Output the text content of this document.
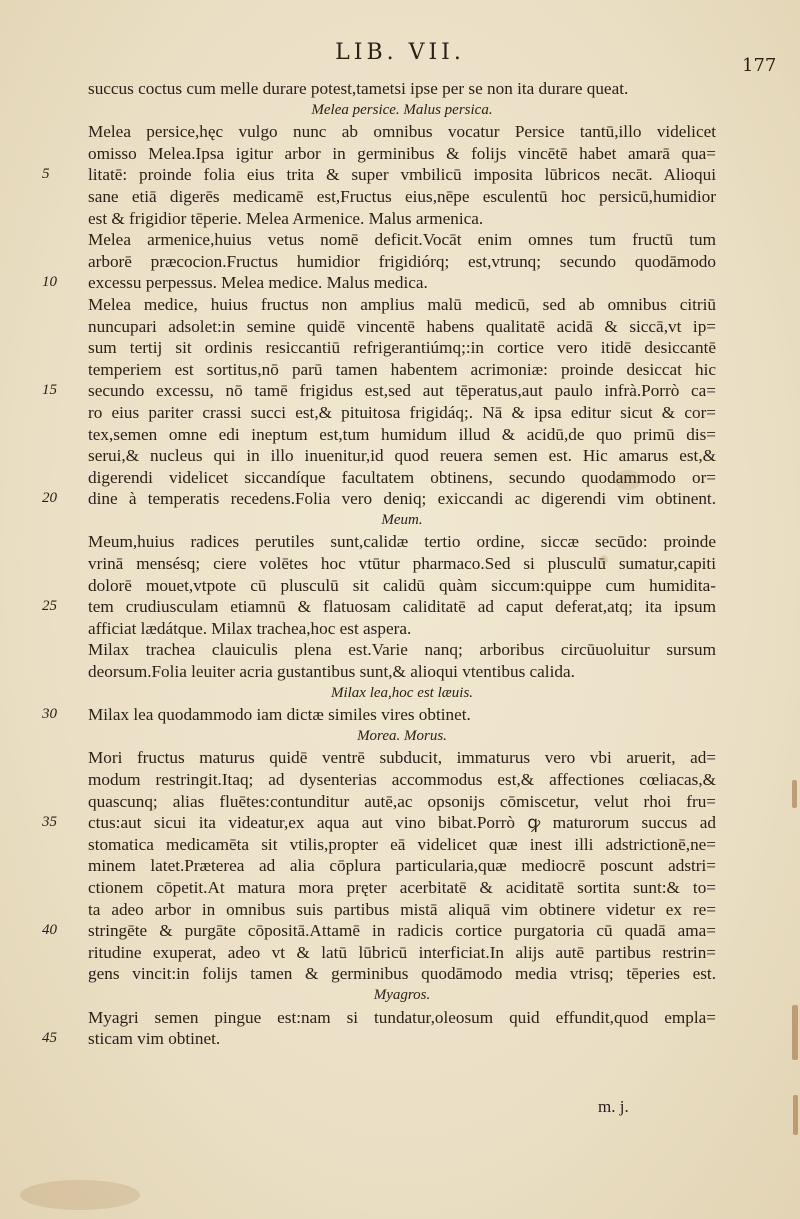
LIB. VII.
177
succus coctus cum melle durare potest,tametsi ipse per se non ita durare queat.
Melea persice. Malus persica.
Melea persice,hęc vulgo nunc ab omnibus vocatur Persice tantū,illo videlicet
omisso Melea.Ipsa igitur arbor in germinibus & folijs vincētē habet amarā qua=
litatē: proinde folia eius trita & super vmbilicū imposita lūbricos necāt. Alioqui
5
sane etiā digerēs medicamē est,Fructus eius,nēpe esculentū hoc persicū,humidior
est & frigidior tēperie. Melea Armenice. Malus armenica.
Melea armenice,huius vetus nomē deficit.Vocāt enim omnes tum fructū tum
arborē præcocion.Fructus humidior frigidiórq; est,vtrunq; secundo quodāmodo
excessu perpessus. Melea medice. Malus medica.
10
Melea medice, huius fructus non amplius malū medicū, sed ab omnibus citriū
nuncupari adsolet:in semine quidē vincentē habens qualitatē acidā & siccā,vt ip=
sum tertij sit ordinis resiccantiū refrigerantiúmq;:in cortice vero itidē desiccantē
temperiem est sortitus,nō parū tamen habentem acrimoniæ: proinde desiccat hic
secundo excessu, nō tamē frigidus est,sed aut tēperatus,aut paulo infrà.Porrò ca=
15
ro eius pariter crassi succi est,& pituitosa frigidáq;. Nā & ipsa editur sicut & cor=
tex,semen omne edi ineptum est,tum humidum illud & acidū,de quo primū dis=
serui,& nucleus qui in illo inuenitur,id quod reuera semen est. Hic amarus est,&
digerendi videlicet siccandíque facultatem obtinens, secundo quodammodo or=
dine à temperatis recedens.Folia vero deniq; exiccandi ac digerendi vim obtinent.
20
Meum.
Meum,huius radices perutiles sunt,calidæ tertio ordine, siccæ secūdo: proinde
vrinā mensésq; ciere volētes hoc vtūtur pharmaco.Sed si plusculū sumatur,capiti
dolorē mouet,vtpote cū plusculū sit calidū quàm siccum:quippe cum humidita-
tem crudiusculam etiamnū & flatuosam caliditatē ad caput deferat,atq; ita ipsum
25
afficiat lædátque. Milax trachea,hoc est aspera.
Milax trachea clauiculis plena est.Varie nanq; arboribus circūuoluitur sursum
deorsum.Folia leuiter acria gustantibus sunt,& alioqui vtentibus calida.
Milax lea,hoc est læuis.
Milax lea quodammodo iam dictæ similes vires obtinet.
30
Morea. Morus.
Mori fructus maturus quidē ventrē subducit, immaturus vero vbi aruerit, ad=
modum restringit.Itaq; ad dysenterias accommodus est,& affectiones cœliacas,&
quascunq; alias fluētes:contunditur autē,ac opsonijs cōmiscetur, velut rhoi fru=
ctus:aut sicui ita videatur,ex aqua aut vino bibat.Porrò ꝙ maturorum succus ad
35
stomatica medicamēta sit vtilis,propter eā videlicet quæ inest illi adstrictionē,ne=
minem latet.Præterea ad alia cōplura particularia,quæ mediocrē poscunt adstri=
ctionem cōpetit.At matura mora pręter acerbitatē & aciditatē sortita sunt:& to=
ta adeo arbor in omnibus suis partibus mistā aliquā vim obtinere videtur ex re=
stringēte & purgāte cōpositā.Attamē in radicis cortice purgatoria cū quadā ama=
40
ritudine exuperat, adeo vt & latū lūbricū interficiat.In alijs autē partibus restrin=
gens vincit:in folijs tamen & germinibus quodāmodo media vtrisq; tēperies est.
Myagros.
Myagri semen pingue est:nam si tundatur,oleosum quid effundit,quod empla=
sticam vim obtinet.
45
m. j.
